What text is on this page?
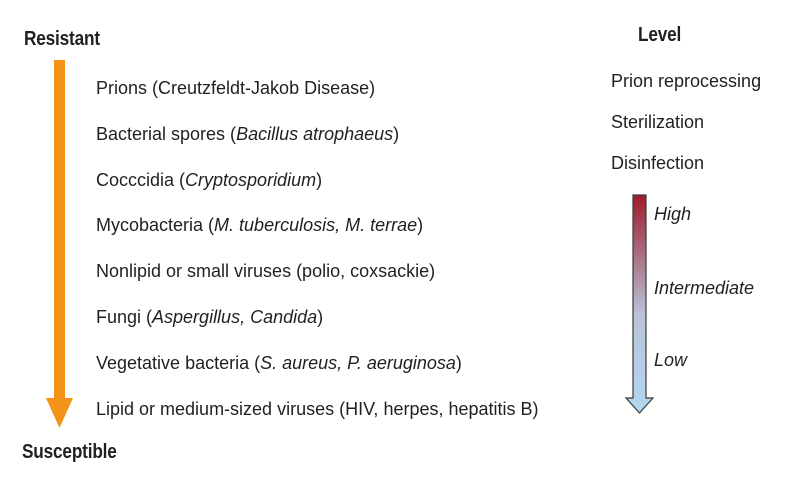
Resistant
Prions (Creutzfeldt-Jakob Disease)
Bacterial spores (Bacillus atrophaeus)
Cocccidia (Cryptosporidium)
Mycobacteria (M. tuberculosis, M. terrae)
Nonlipid or small viruses (polio, coxsackie)
Fungi (Aspergillus, Candida)
Vegetative bacteria (S. aureus, P. aeruginosa)
Lipid or medium-sized viruses (HIV, herpes, hepatitis B)
Susceptible
Level
Prion reprocessing
Sterilization
Disinfection
High
Intermediate
Low
